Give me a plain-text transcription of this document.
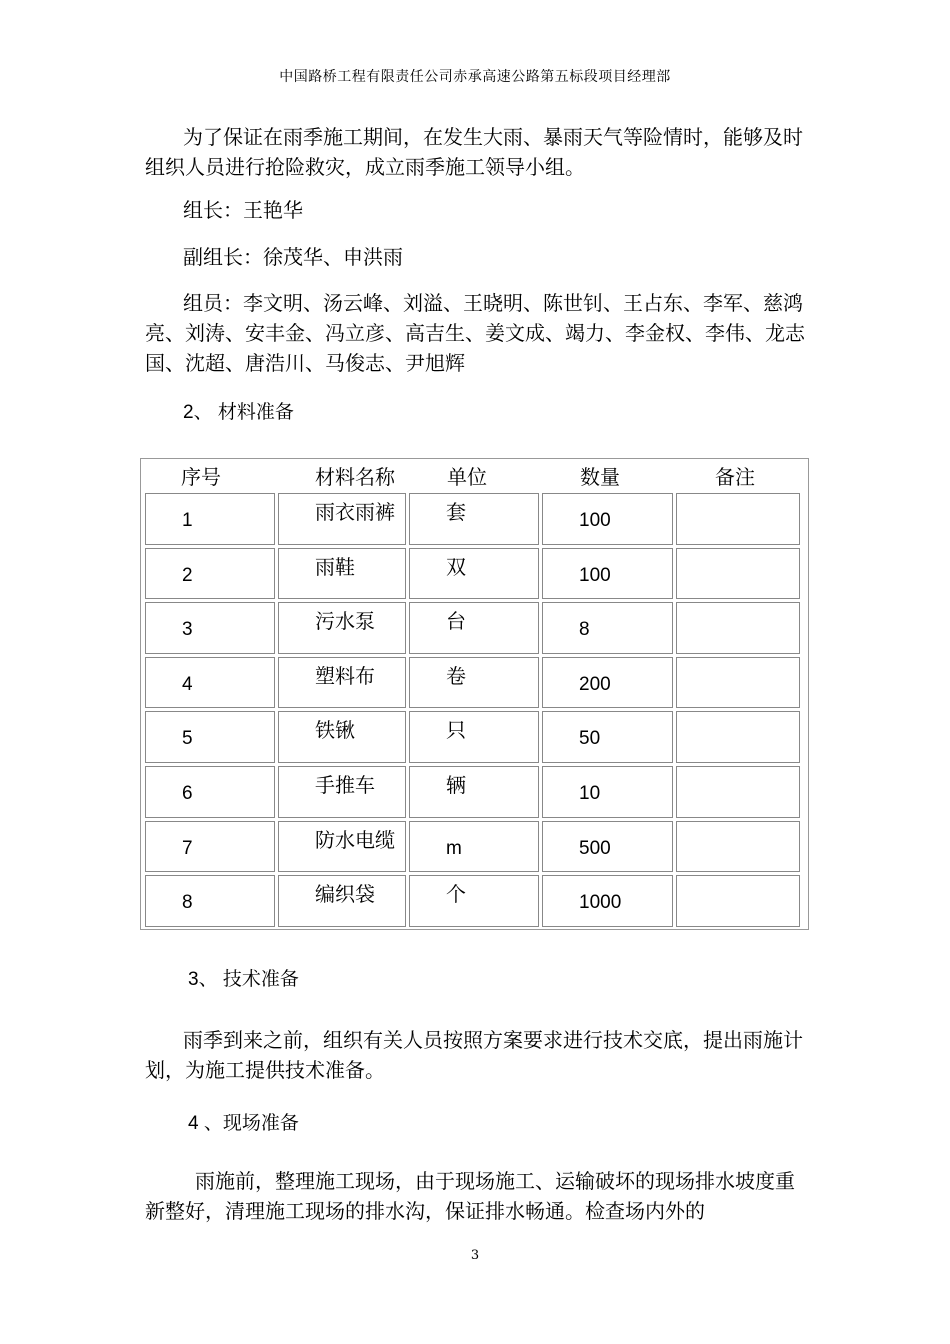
中国路桥工程有限责任公司赤承高速公路第五标段项目经理部
为了保证在雨季施工期间，在发生大雨、暴雨天气等险情时，能够及时组织人员进行抢险救灾，成立雨季施工领导小组。
组长：王艳华
副组长：徐茂华、申洪雨
组员：李文明、汤云峰、刘溢、王晓明、陈世钊、王占东、李军、慈鸿亮、刘涛、安丰金、冯立彦、高吉生、姜文成、竭力、李金权、李伟、龙志国、沈超、唐浩川、马俊志、尹旭辉
2、 材料准备
序号	材料名称	单位	数量	备注
1	雨衣雨裤	套	100
2	雨鞋	双	100
3	污水泵	台	8
4	塑料布	卷	200
5	铁锹	只	50
6	手推车	辆	10
7	防水电缆	m	500
8	编织袋	个	1000
3、 技术准备
雨季到来之前，组织有关人员按照方案要求进行技术交底，提出雨施计划，为施工提供技术准备。
4 、现场准备
雨施前，整理施工现场，由于现场施工、运输破坏的现场排水坡度重新整好，清理施工现场的排水沟，保证排水畅通。检查场内外的
3
